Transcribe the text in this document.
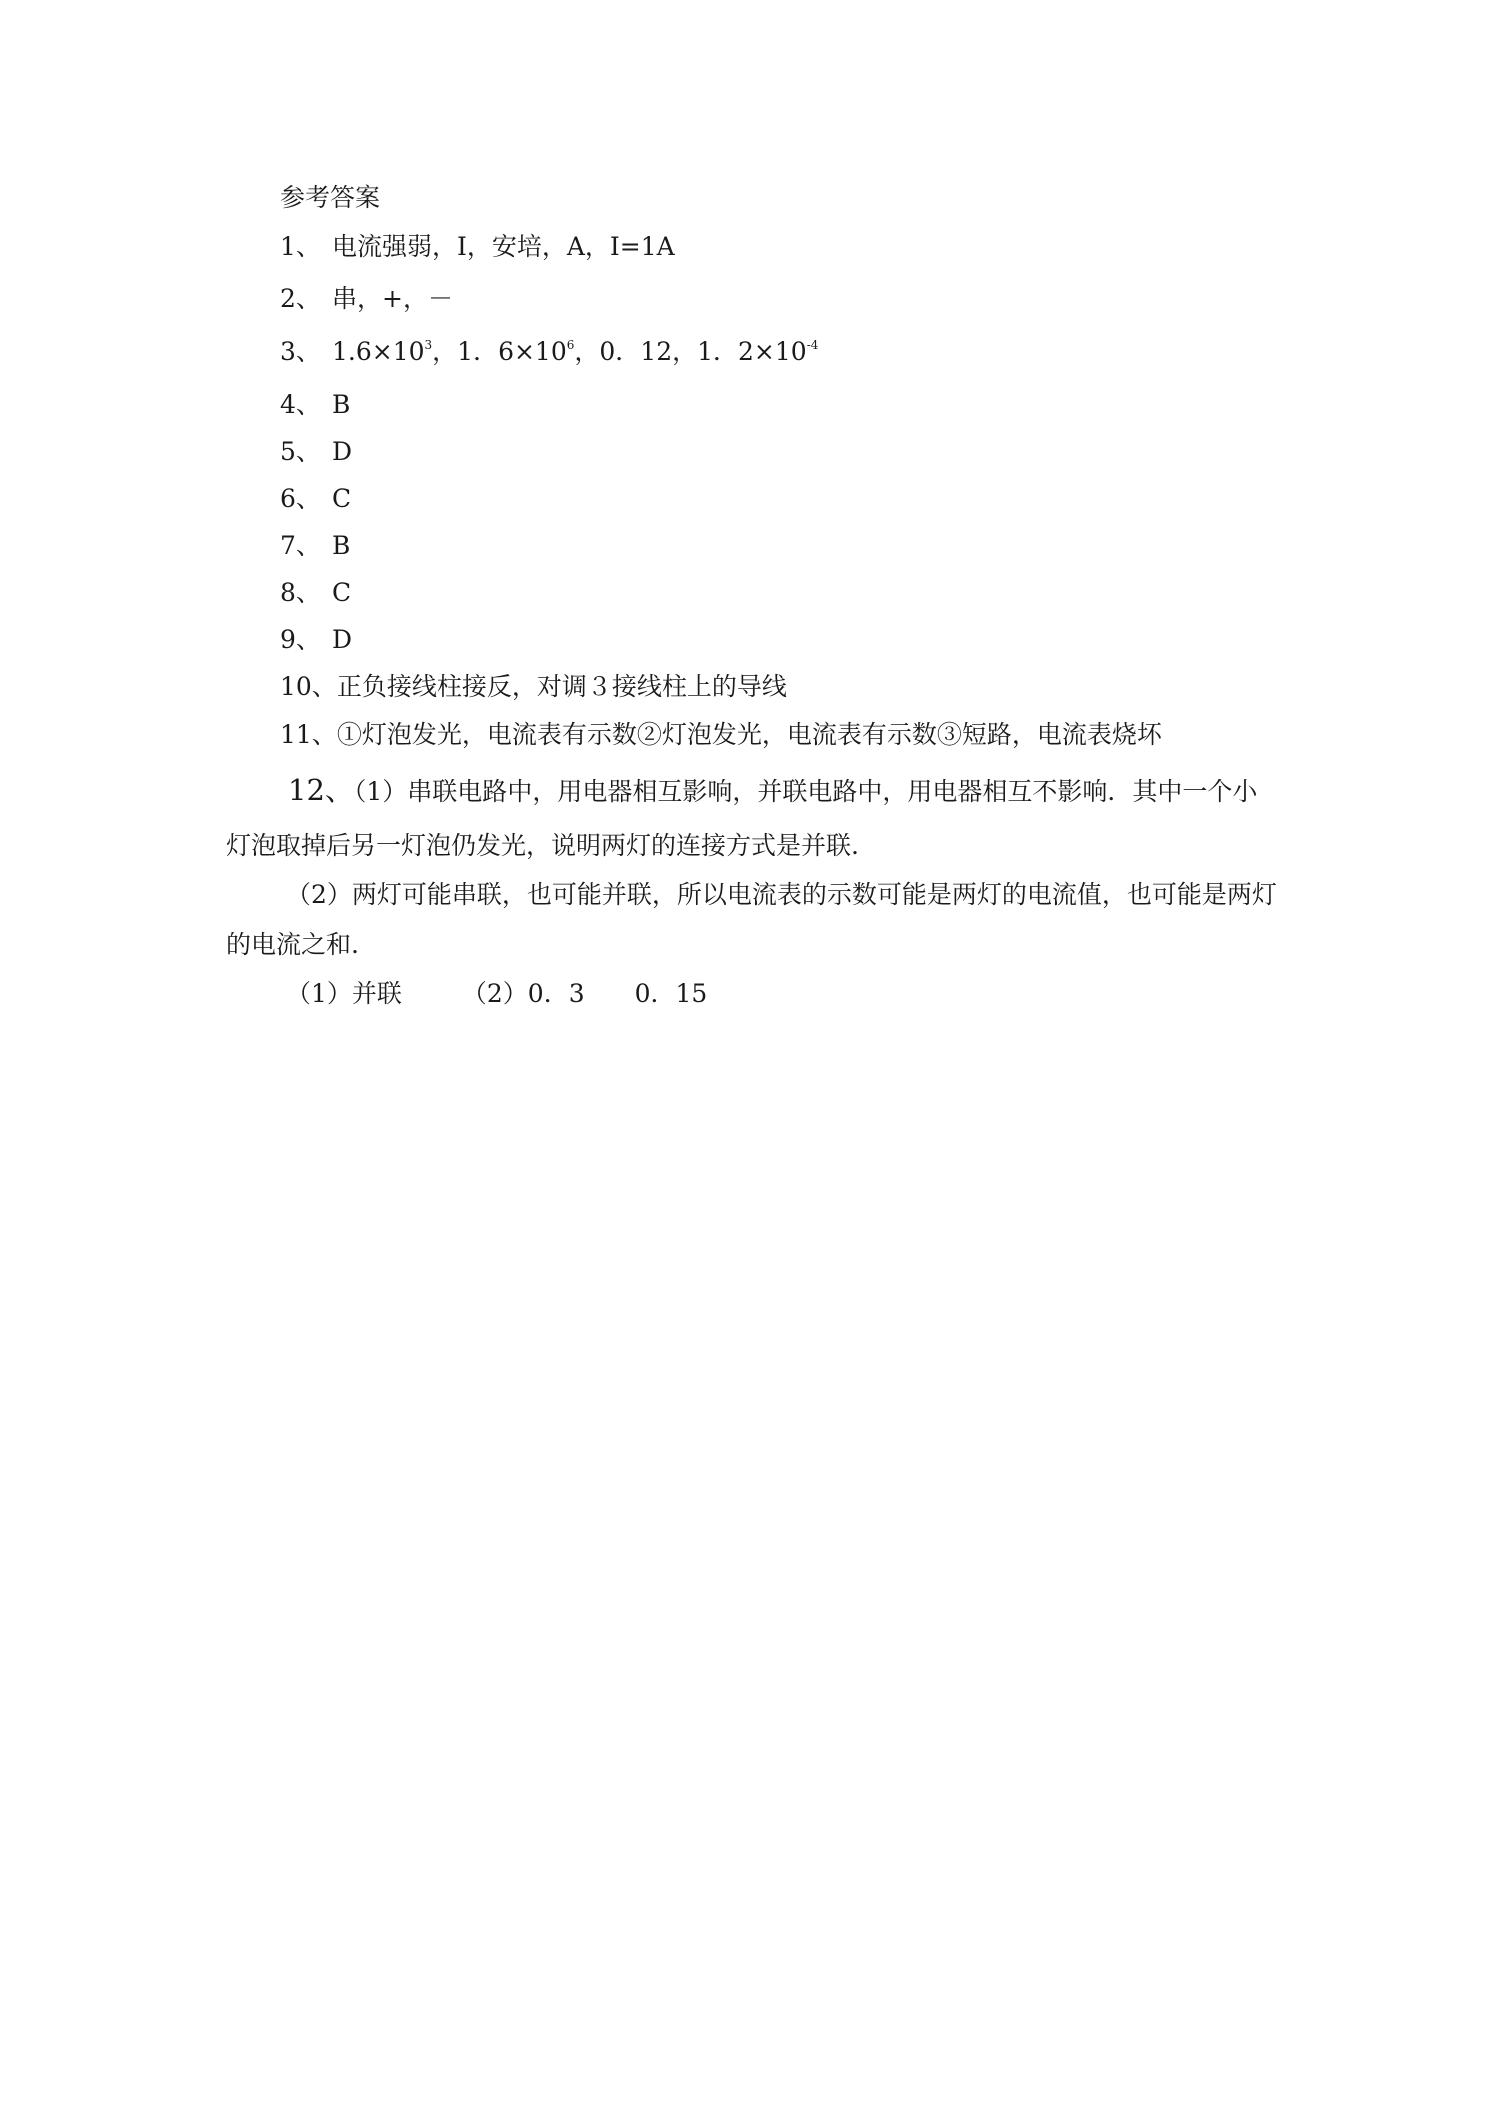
参考答案
1、 电流强弱，I，安培，A，I=1A
2、 串，+，－
3、 $1.6\times 10^3$，1．$6\times 10^6$，0．12，1．$2\times 10^{-4}$
4、 B
5、 D
6、 C
7、 B
8、 C
9、 D
10、正负接线柱接反，对调３接线柱上的导线
11、①灯泡发光，电流表有示数②灯泡发光，电流表有示数③短路，电流表烧坏
12、（1）串联电路中，用电器相互影响，并联电路中，用电器相互不影响．其中一个小
灯泡取掉后另一灯泡仍发光，说明两灯的连接方式是并联.
（2）两灯可能串联，也可能并联，所以电流表的示数可能是两灯的电流值，也可能是两灯
的电流之和.
（1）并联 （2）0．3 0．15
